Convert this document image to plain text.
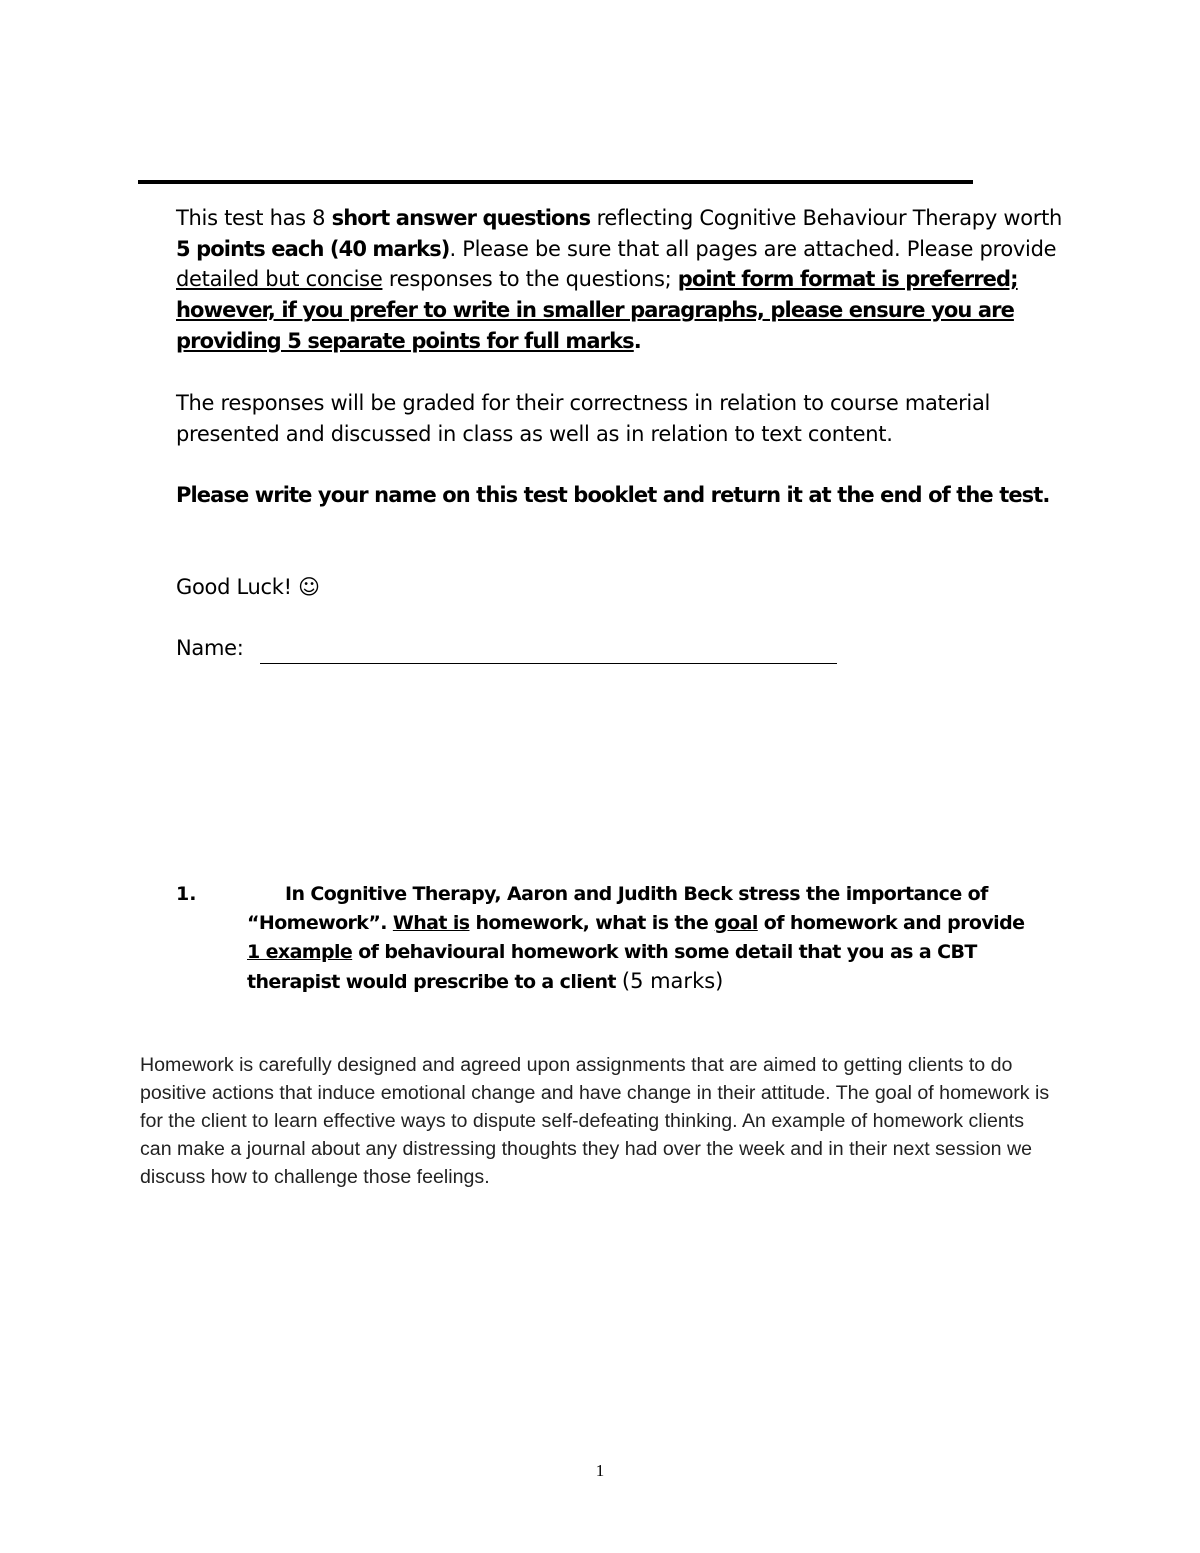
This test has 8 short answer questions reflecting Cognitive Behaviour Therapy worth 5 points each (40 marks). Please be sure that all pages are attached. Please provide detailed but concise responses to the questions; point form format is preferred; however, if you prefer to write in smaller paragraphs, please ensure you are providing 5 separate points for full marks.

The responses will be graded for their correctness in relation to course material presented and discussed in class as well as in relation to text content.

Please write your name on this test booklet and return it at the end of the test.

Good Luck! ☺
Name:
1.	In Cognitive Therapy, Aaron and Judith Beck stress the importance of “Homework”. What is homework, what is the goal of homework and provide 1 example of behavioural homework with some detail that you as a CBT therapist would prescribe to a client (5 marks)

Homework is carefully designed and agreed upon assignments that are aimed to getting clients to do positive actions that induce emotional change and have change in their attitude. The goal of homework is for the client to learn effective ways to dispute self-defeating thinking. An example of homework clients can make a journal about any distressing thoughts they had over the week and in their next session we discuss how to challenge those feelings.

1
